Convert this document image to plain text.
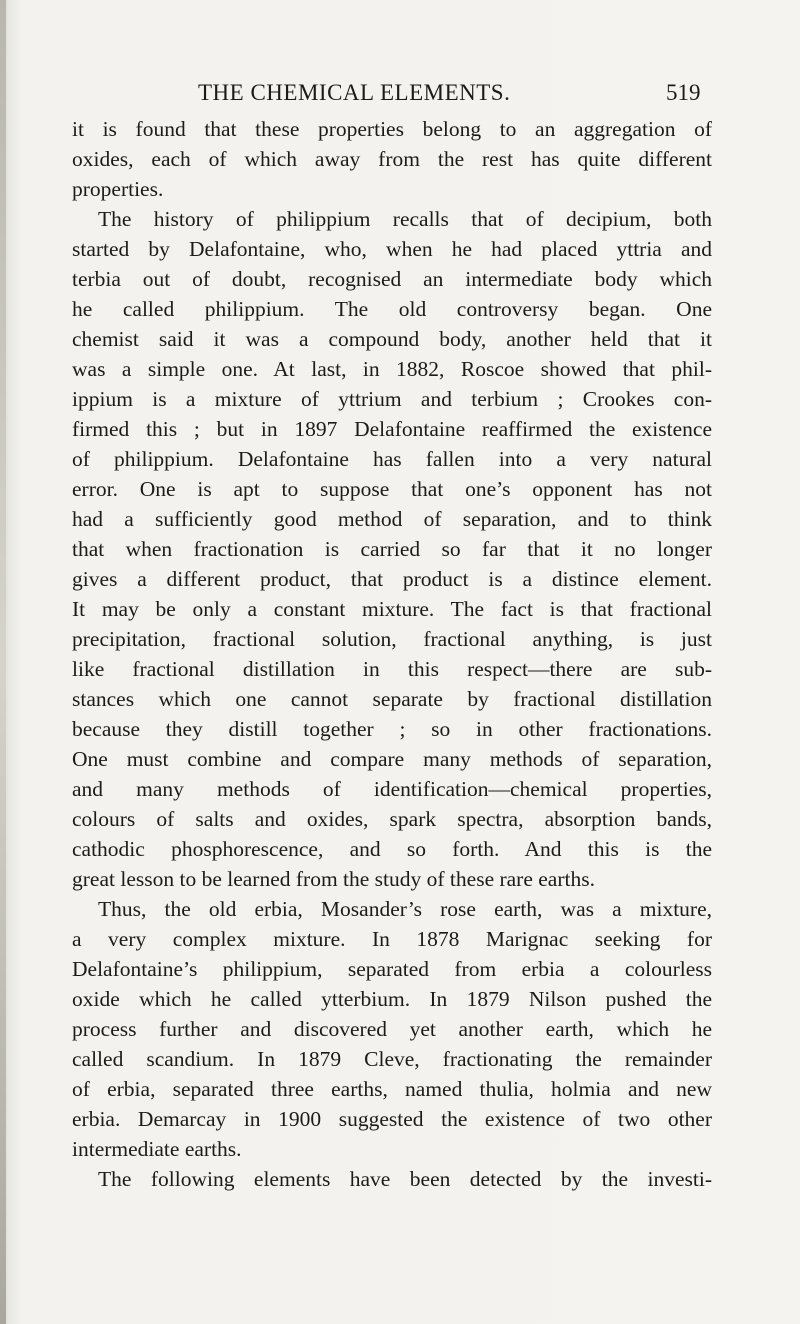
THE CHEMICAL ELEMENTS.	519
it is found that these properties belong to an aggregation of
oxides, each of which away from the rest has quite different
properties.
The history of philippium recalls that of decipium, both
started by Delafontaine, who, when he had placed yttria and
terbia out of doubt, recognised an intermediate body which
he called philippium. The old controversy began. One
chemist said it was a compound body, another held that it
was a simple one. At last, in 1882, Roscoe showed that phil-
ippium is a mixture of yttrium and terbium ; Crookes con-
firmed this ; but in 1897 Delafontaine reaffirmed the existence
of philippium. Delafontaine has fallen into a very natural
error. One is apt to suppose that one’s opponent has not
had a sufficiently good method of separation, and to think
that when fractionation is carried so far that it no longer
gives a different product, that product is a distince element.
It may be only a constant mixture. The fact is that fractional
precipitation, fractional solution, fractional anything, is just
like fractional distillation in this respect—there are sub-
stances which one cannot separate by fractional distillation
because they distill together ; so in other fractionations.
One must combine and compare many methods of separation,
and many methods of identification—chemical properties,
colours of salts and oxides, spark spectra, absorption bands,
cathodic phosphorescence, and so forth. And this is the
great lesson to be learned from the study of these rare earths.
Thus, the old erbia, Mosander’s rose earth, was a mixture,
a very complex mixture. In 1878 Marignac seeking for
Delafontaine’s philippium, separated from erbia a colourless
oxide which he called ytterbium. In 1879 Nilson pushed the
process further and discovered yet another earth, which he
called scandium. In 1879 Cleve, fractionating the remainder
of erbia, separated three earths, named thulia, holmia and new
erbia. Demarcay in 1900 suggested the existence of two other
intermediate earths.
The following elements have been detected by the investi-
